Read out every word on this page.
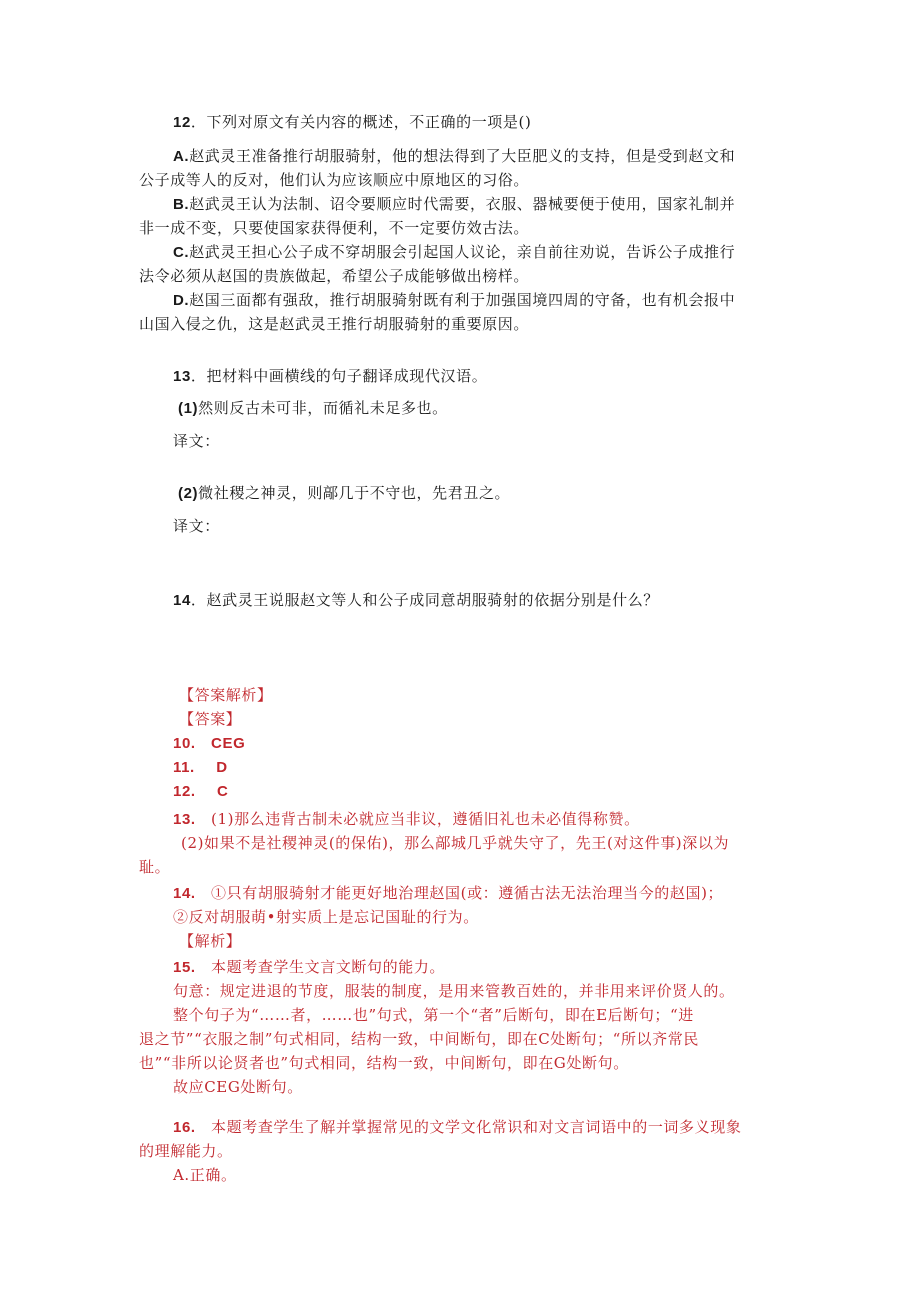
12．下列对原文有关内容的概述，不正确的一项是()
A.赵武灵王准备推行胡服骑射，他的想法得到了大臣肥义的支持，但是受到赵文和
公子成等人的反对，他们认为应该顺应中原地区的习俗。
B.赵武灵王认为法制、诏令要顺应时代需要，衣服、器械要便于使用，国家礼制并
非一成不变，只要使国家获得便利，不一定要仿效古法。
C.赵武灵王担心公子成不穿胡服会引起国人议论，亲自前往劝说，告诉公子成推行
法令必须从赵国的贵族做起，希望公子成能够做出榜样。
D.赵国三面都有强敌，推行胡服骑射既有利于加强国境四周的守备，也有机会报中
山国入侵之仇，这是赵武灵王推行胡服骑射的重要原因。
13．把材料中画横线的句子翻译成现代汉语。
(1)然则反古未可非，而循礼未足多也。
译文：
(2)微社稷之神灵，则鄗几于不守也，先君丑之。
译文：
14．赵武灵王说服赵文等人和公子成同意胡服骑射的依据分别是什么？
【答案解析】
【答案】
10. CEG
11. D
12. C
13. (1)那么违背古制未必就应当非议，遵循旧礼也未必值得称赞。
(2)如果不是社稷神灵(的保佑)，那么鄗城几乎就失守了，先王(对这件事)深以为
耻。
14. ①只有胡服骑射才能更好地治理赵国(或：遵循古法无法治理当今的赵国)；
②反对胡服萌•射实质上是忘记国耻的行为。
【解析】
15. 本题考查学生文言文断句的能力。
句意：规定进退的节度，服装的制度，是用来管教百姓的，并非用来评价贤人的。
整个句子为“……者，……也”句式，第一个“者”后断句，即在E后断句；“进
退之节”“衣服之制”句式相同，结构一致，中间断句，即在C处断句；“所以齐常民
也”“非所以论贤者也”句式相同，结构一致，中间断句，即在G处断句。
故应CEG处断句。
16. 本题考查学生了解并掌握常见的文学文化常识和对文言词语中的一词多义现象
的理解能力。
A.正确。
